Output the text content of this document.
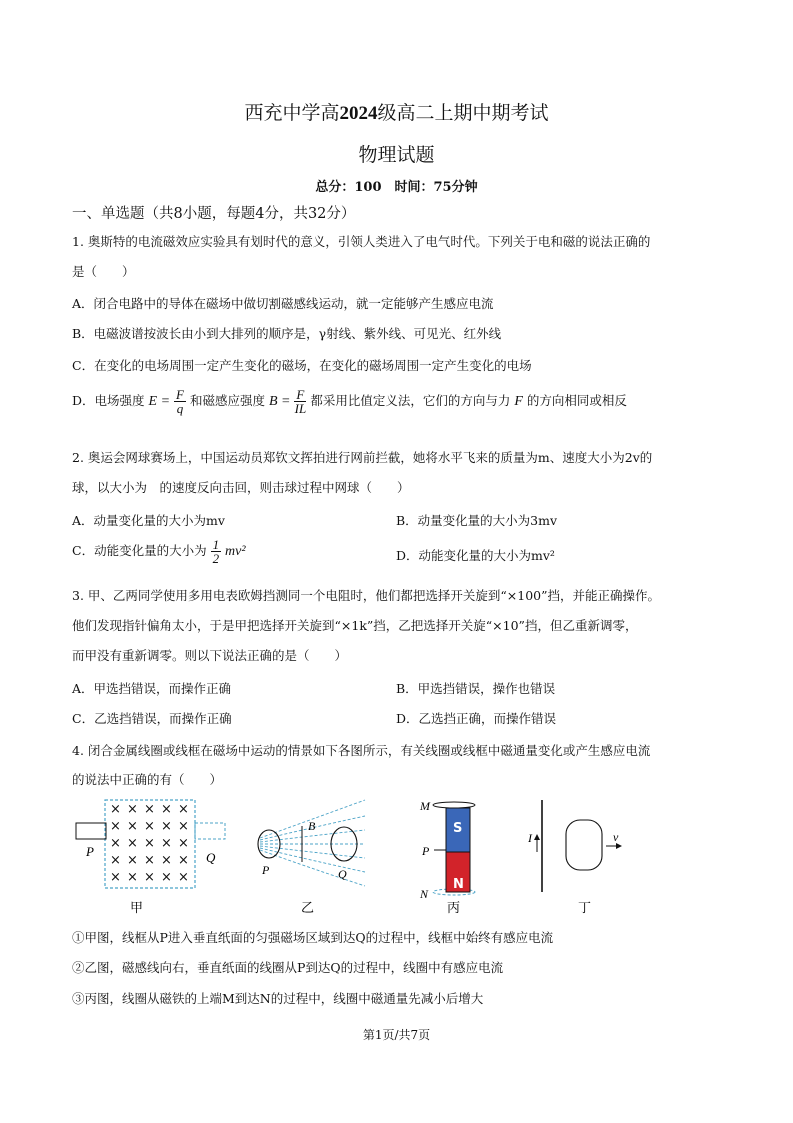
西充中学高2024级高二上期中期考试
物理试题
总分：100　时间：75分钟
一、单选题（共8小题，每题4分，共32分）
1. 奥斯特的电流磁效应实验具有划时代的意义，引领人类进入了电气时代。下列关于电和磁的说法正确的
是（　　）
A．闭合电路中的导体在磁场中做切割磁感线运动，就一定能够产生感应电流
B．电磁波谱按波长由小到大排列的顺序是，γ射线、紫外线、可见光、红外线
C．在变化的电场周围一定产生变化的磁场，在变化的磁场周围一定产生变化的电场
D．电场强度 $E = \frac{F}{q}$ 和磁感应强度 $B = \frac{F}{IL}$ 都采用比值定义法，它们的方向与力 F 的方向相同或相反
2. 奥运会网球赛场上，中国运动员郑钦文挥拍进行网前拦截，她将水平飞来的质量为m、速度大小为2v的
球，以大小为　的速度反向击回，则击球过程中网球（　　）
A．动量变化量的大小为mv	B．动量变化量的大小为3mv
C．动能变化量的大小为 $\frac{1}{2} mv^2$	D．动能变化量的大小为mv²
3. 甲、乙两同学使用多用电表欧姆挡测同一个电阻时，他们都把选择开关旋到“×100”挡，并能正确操作。
他们发现指针偏角太小，于是甲把选择开关旋到“×1k”挡，乙把选择开关旋“×10”挡，但乙重新调零，
而甲没有重新调零。则以下说法正确的是（　　）
A．甲选挡错误，而操作正确	B．甲选挡错误，操作也错误
C．乙选挡错误，而操作正确	D．乙选挡正确，而操作错误
4. 闭合金属线圈或线框在磁场中运动的情景如下各图所示，有关线圈或线框中磁通量变化或产生感应电流
的说法中正确的有（　　）
× × × × ×
× × × × ×
× × × × ×
× × × × ×
× × × × ×
P	Q
甲
B
P	Q
乙
S
N
M
P
N
丙
I	v
丁
①甲图，线框从P进入垂直纸面的匀强磁场区域到达Q的过程中，线框中始终有感应电流
②乙图，磁感线向右，垂直纸面的线圈从P到达Q的过程中，线圈中有感应电流
③丙图，线圈从磁铁的上端M到达N的过程中，线圈中磁通量先减小后增大
第1页/共7页
